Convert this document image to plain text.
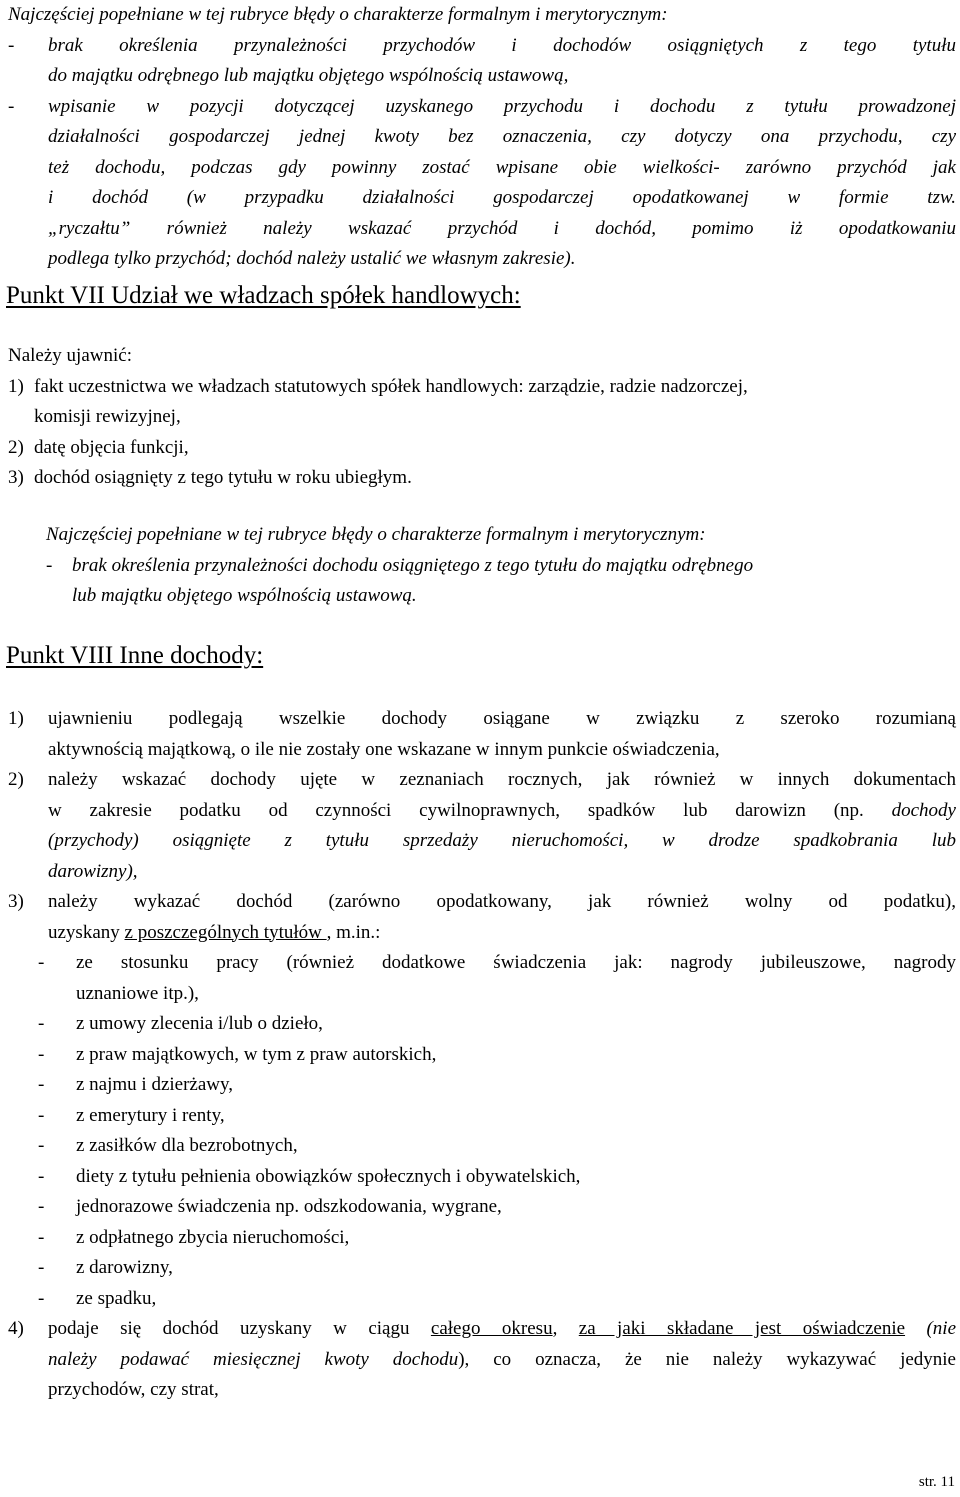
Najczęściej popełniane w tej rubryce błędy o charakterze formalnym i merytorycznym:
-	brak określenia przynależności przychodów i dochodów osiągniętych z tego tytułu
do majątku odrębnego lub majątku objętego wspólnością ustawową,
-	wpisanie w pozycji dotyczącej uzyskanego przychodu i dochodu z tytułu prowadzonej
działalności gospodarczej jednej kwoty bez oznaczenia, czy dotyczy ona przychodu, czy
też dochodu, podczas gdy powinny zostać wpisane obie wielkości- zarówno przychód jak
i dochód (w przypadku działalności gospodarczej opodatkowanej w formie tzw.
„ryczałtu” również należy wskazać przychód i dochód, pomimo iż opodatkowaniu
podlega tylko przychód; dochód należy ustalić we własnym zakresie).
Punkt VII Udział we władzach spółek handlowych:
Należy ujawnić:
1) fakt uczestnictwa we władzach statutowych spółek handlowych: zarządzie, radzie nadzorczej,
komisji rewizyjnej,
2) datę objęcia funkcji,
3) dochód osiągnięty z tego tytułu w roku ubiegłym.
Najczęściej popełniane w tej rubryce błędy o charakterze formalnym i merytorycznym:
-	brak określenia przynależności dochodu osiągniętego z tego tytułu do majątku odrębnego
lub majątku objętego wspólnością ustawową.
Punkt VIII Inne dochody:
1)	ujawnieniu podlegają wszelkie dochody osiągane w związku z szeroko rozumianą
aktywnością majątkową, o ile nie zostały one wskazane w innym punkcie oświadczenia,
2)	należy wskazać dochody ujęte w zeznaniach rocznych, jak również w innych dokumentach
w zakresie podatku od czynności cywilnoprawnych, spadków lub darowizn (np. dochody
(przychody) osiągnięte z tytułu sprzedaży nieruchomości, w drodze spadkobrania lub
darowizny),
3)	należy wykazać dochód (zarówno opodatkowany, jak również wolny od podatku),
uzyskany z poszczególnych tytułów , m.in.:
-	ze stosunku pracy (również dodatkowe świadczenia jak: nagrody jubileuszowe, nagrody
uznaniowe itp.),
-	z umowy zlecenia i/lub o dzieło,
-	z praw majątkowych, w tym z praw autorskich,
-	z najmu i dzierżawy,
-	z emerytury i renty,
-	z zasiłków dla bezrobotnych,
-	diety z tytułu pełnienia obowiązków społecznych i obywatelskich,
-	jednorazowe świadczenia np. odszkodowania, wygrane,
-	z odpłatnego zbycia nieruchomości,
-	z darowizny,
-	ze spadku,
4)	podaje się dochód uzyskany w ciągu całego okresu, za jaki składane jest oświadczenie (nie
należy podawać miesięcznej kwoty dochodu), co oznacza, że nie należy wykazywać jedynie
przychodów, czy strat,
str. 11
